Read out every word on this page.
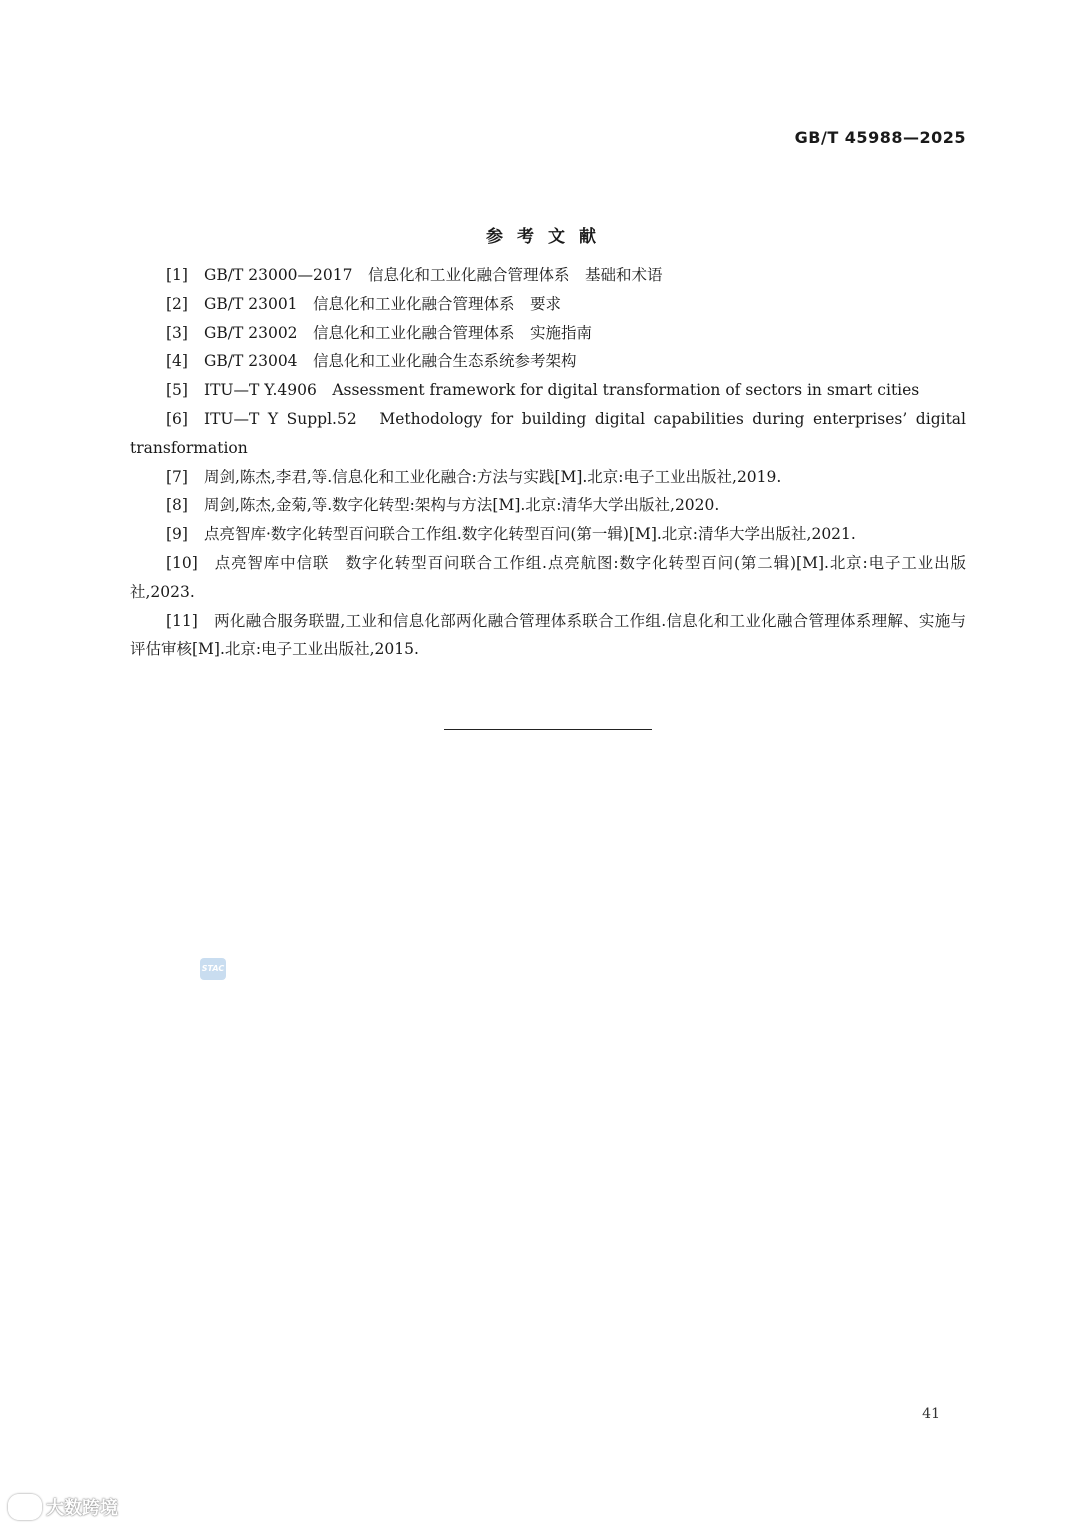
GB/T 45988—2025
参考文献
[1] GB/T 23000—2017　信息化和工业化融合管理体系　基础和术语
[2] GB/T 23001　信息化和工业化融合管理体系　要求
[3] GB/T 23002　信息化和工业化融合管理体系　实施指南
[4] GB/T 23004　信息化和工业化融合生态系统参考架构
[5] ITU—T Y.4906　Assessment framework for digital transformation of sectors in smart cities
[6] ITU—T Y Suppl.52　Methodology for building digital capabilities during enterprises’ digital transformation
[7] 周剑,陈杰,李君,等.信息化和工业化融合:方法与实践[M].北京:电子工业出版社,2019.
[8] 周剑,陈杰,金菊,等.数字化转型:架构与方法[M].北京:清华大学出版社,2020.
[9] 点亮智库·数字化转型百问联合工作组.数字化转型百问(第一辑)[M].北京:清华大学出版社,2021.
[10] 点亮智库中信联　数字化转型百问联合工作组.点亮航图:数字化转型百问(第二辑)[M].北京:电子工业出版社,2023.
[11] 两化融合服务联盟,工业和信息化部两化融合管理体系联合工作组.信息化和工业化融合管理体系理解、实施与评估审核[M].北京:电子工业出版社,2015.
STAC
41
大数跨境
